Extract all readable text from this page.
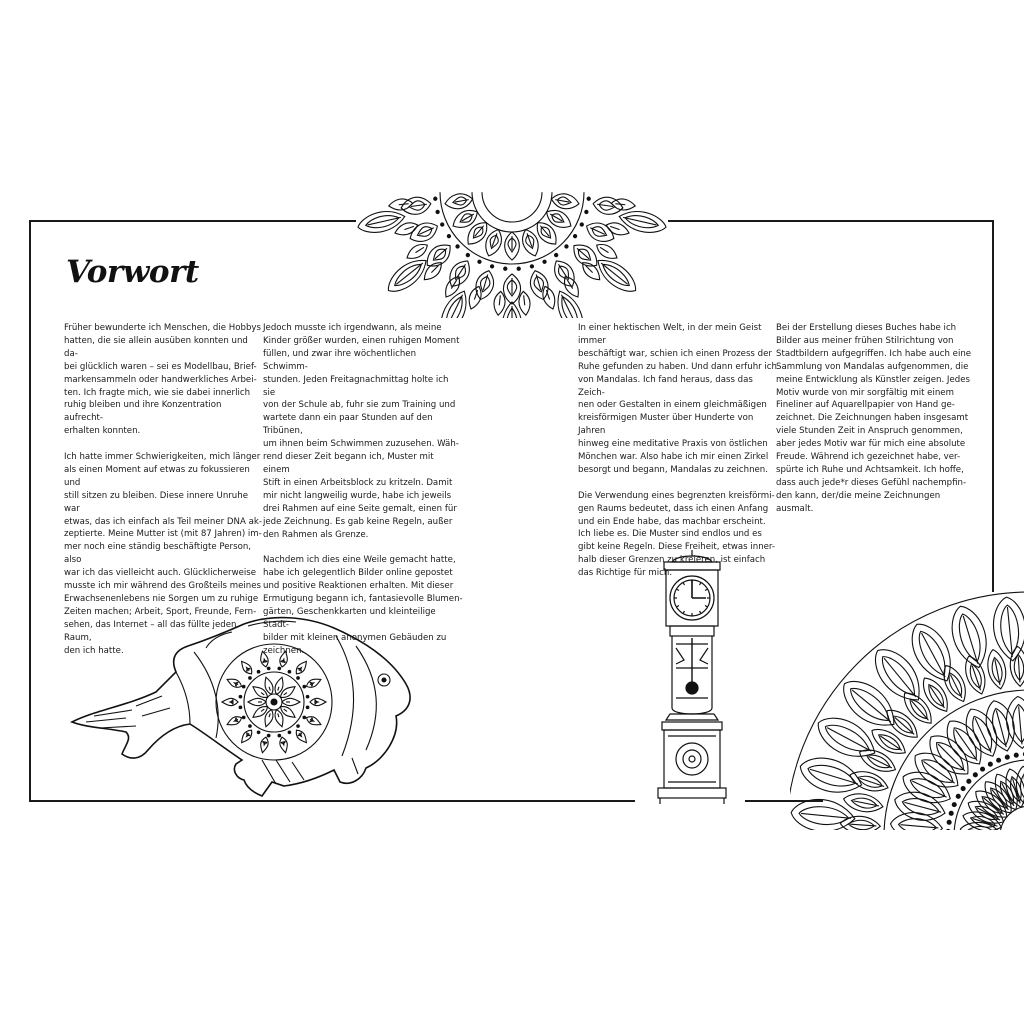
Vorwort

Früher bewunderte ich Menschen, die Hobbys
hatten, die sie allein ausüben konnten und da-
bei glücklich waren – sei es Modellbau, Brief-
markensammeln oder handwerkliches Arbei-
ten. Ich fragte mich, wie sie dabei innerlich
ruhig bleiben und ihre Konzentration aufrecht-
erhalten konnten.

Ich hatte immer Schwierigkeiten, mich länger
als einen Moment auf etwas zu fokussieren und
still sitzen zu bleiben. Diese innere Unruhe war
etwas, das ich einfach als Teil meiner DNA ak-
zeptierte. Meine Mutter ist (mit 87 Jahren) im-
mer noch eine ständig beschäftigte Person, also
war ich das vielleicht auch. Glücklicherweise
musste ich mir während des Großteils meines
Erwachsenenlebens nie Sorgen um zu ruhige
Zeiten machen; Arbeit, Sport, Freunde, Fern-
sehen, das Internet – all das füllte jeden Raum,
den ich hatte.

Jedoch musste ich irgendwann, als meine
Kinder größer wurden, einen ruhigen Moment
füllen, und zwar ihre wöchentlichen Schwimm-
stunden. Jeden Freitagnachmittag holte ich sie
von der Schule ab, fuhr sie zum Training und
wartete dann ein paar Stunden auf den Tribünen,
um ihnen beim Schwimmen zuzusehen. Wäh-
rend dieser Zeit begann ich, Muster mit einem
Stift in einen Arbeitsblock zu kritzeln. Damit
mir nicht langweilig wurde, habe ich jeweils
drei Rahmen auf eine Seite gemalt, einen für
jede Zeichnung. Es gab keine Regeln, außer
den Rahmen als Grenze.

Nachdem ich dies eine Weile gemacht hatte,
habe ich gelegentlich Bilder online gepostet
und positive Reaktionen erhalten. Mit dieser
Ermutigung begann ich, fantasievolle Blumen-
gärten, Geschenkkarten und kleinteilige Stadt-
bilder mit kleinen anonymen Gebäuden zu
zeichnen.

In einer hektischen Welt, in der mein Geist immer
beschäftigt war, schien ich einen Prozess der
Ruhe gefunden zu haben. Und dann erfuhr ich
von Mandalas. Ich fand heraus, dass das Zeich-
nen oder Gestalten in einem gleichmäßigen
kreisförmigen Muster über Hunderte von Jahren
hinweg eine meditative Praxis von östlichen
Mönchen war. Also habe ich mir einen Zirkel
besorgt und begann, Mandalas zu zeichnen.

Die Verwendung eines begrenzten kreisförmi-
gen Raums bedeutet, dass ich einen Anfang
und ein Ende habe, das machbar erscheint.
Ich liebe es. Die Muster sind endlos und es
gibt keine Regeln. Diese Freiheit, etwas inner-
halb dieser Grenzen zu kreieren, ist einfach
das Richtige für mich.

Bei der Erstellung dieses Buches habe ich
Bilder aus meiner frühen Stilrichtung von
Stadtbildern aufgegriffen. Ich habe auch eine
Sammlung von Mandalas aufgenommen, die
meine Entwicklung als Künstler zeigen. Jedes
Motiv wurde von mir sorgfältig mit einem
Fineliner auf Aquarellpapier von Hand ge-
zeichnet. Die Zeichnungen haben insgesamt
viele Stunden Zeit in Anspruch genommen,
aber jedes Motiv war für mich eine absolute
Freude. Während ich gezeichnet habe, ver-
spürte ich Ruhe und Achtsamkeit. Ich hoffe,
dass auch jede*r dieses Gefühl nachempfin-
den kann, der/die meine Zeichnungen ausmalt.
